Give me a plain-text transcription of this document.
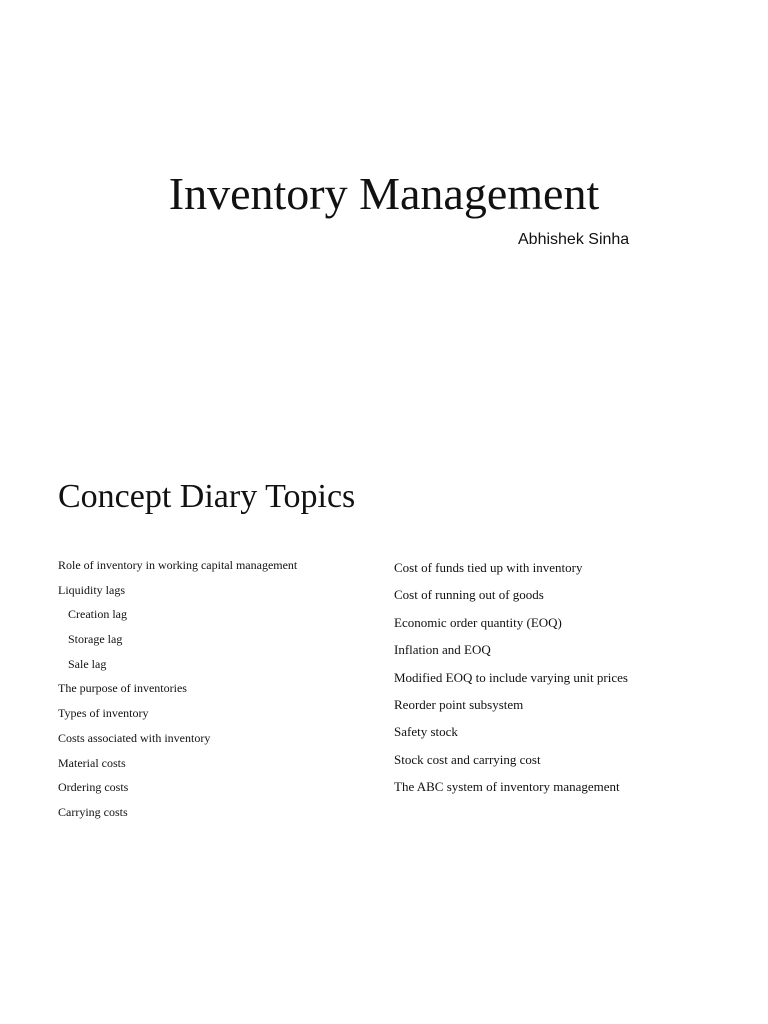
Inventory Management

Abhishek Sinha

Concept Diary Topics
Role of inventory in working capital management
Liquidity lags
Creation lag
Storage lag
Sale lag
The purpose of inventories
Types of inventory
Costs associated with inventory
Material costs
Ordering costs
Carrying costs
Cost of funds tied up with inventory
Cost of running out of goods
Economic order quantity (EOQ)
Inflation and EOQ
Modified EOQ to include varying unit prices
Reorder point subsystem
Safety stock
Stock cost and carrying cost
The ABC system of inventory management
